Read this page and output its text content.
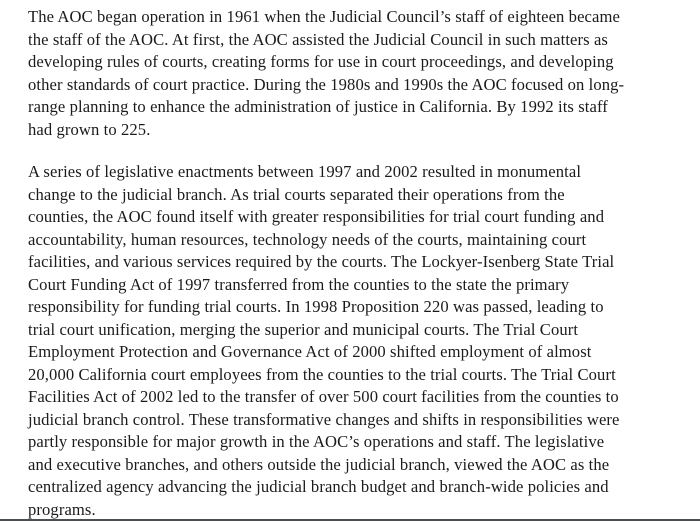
The AOC began operation in 1961 when the Judicial Council’s staff of eighteen became
the staff of the AOC. At first, the AOC assisted the Judicial Council in such matters as
developing rules of courts, creating forms for use in court proceedings, and developing
other standards of court practice. During the 1980s and 1990s the AOC focused on long-
range planning to enhance the administration of justice in California. By 1992 its staff
had grown to 225.
A series of legislative enactments between 1997 and 2002 resulted in monumental
change to the judicial branch. As trial courts separated their operations from the
counties, the AOC found itself with greater responsibilities for trial court funding and
accountability, human resources, technology needs of the courts, maintaining court
facilities, and various services required by the courts. The Lockyer-Isenberg State Trial
Court Funding Act of 1997 transferred from the counties to the state the primary
responsibility for funding trial courts. In 1998 Proposition 220 was passed, leading to
trial court unification, merging the superior and municipal courts. The Trial Court
Employment Protection and Governance Act of 2000 shifted employment of almost
20,000 California court employees from the counties to the trial courts. The Trial Court
Facilities Act of 2002 led to the transfer of over 500 court facilities from the counties to
judicial branch control. These transformative changes and shifts in responsibilities were
partly responsible for major growth in the AOC’s operations and staff. The legislative
and executive branches, and others outside the judicial branch, viewed the AOC as the
centralized agency advancing the judicial branch budget and branch-wide policies and
programs.
